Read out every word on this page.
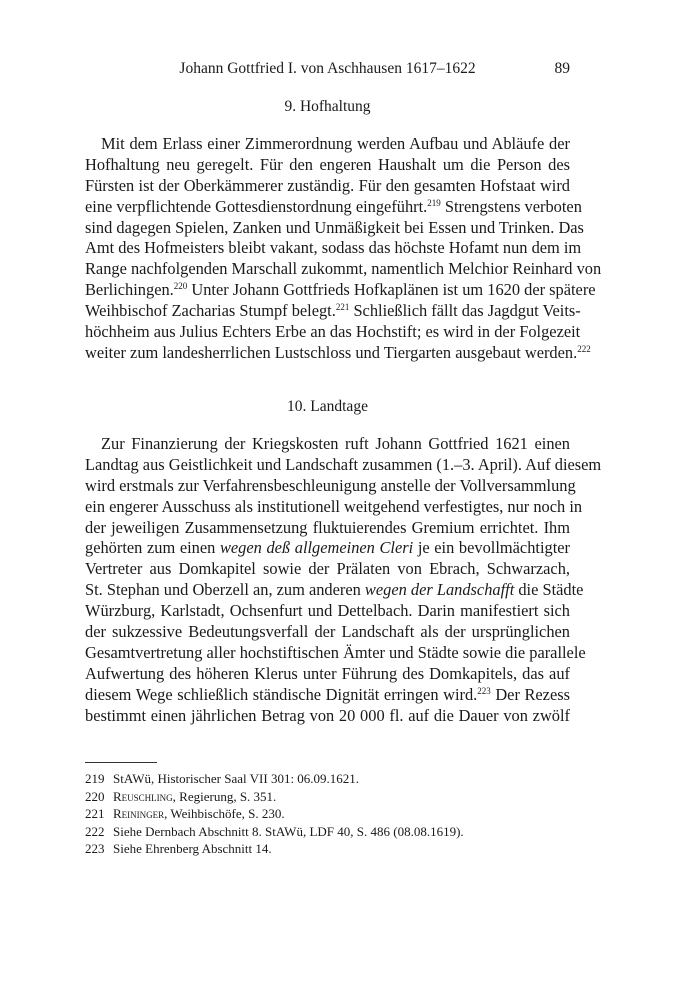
Johann Gottfried I. von Aschhausen 1617–1622	89
9. Hofhaltung
Mit dem Erlass einer Zimmerordnung werden Aufbau und Abläufe der
Hofhaltung neu geregelt. Für den engeren Haushalt um die Person des
Fürsten ist der Oberkämmerer zuständig. Für den gesamten Hofstaat wird
eine verpflichtende Gottesdienstordnung eingeführt.$^{219}$ Strengstens verboten
sind dagegen Spielen, Zanken und Unmäßigkeit bei Essen und Trinken. Das
Amt des Hofmeisters bleibt vakant, sodass das höchste Hofamt nun dem im
Range nachfolgenden Marschall zukommt, namentlich Melchior Reinhard von
Berlichingen.$^{220}$ Unter Johann Gottfrieds Hofkaplänen ist um 1620 der spätere
Weihbischof Zacharias Stumpf belegt.$^{221}$ Schließlich fällt das Jagdgut Veits-
höchheim aus Julius Echters Erbe an das Hochstift; es wird in der Folgezeit
weiter zum landesherrlichen Lustschloss und Tiergarten ausgebaut werden.$^{222}$
10. Landtage
Zur Finanzierung der Kriegskosten ruft Johann Gottfried 1621 einen
Landtag aus Geistlichkeit und Landschaft zusammen (1.–3. April). Auf diesem
wird erstmals zur Verfahrensbeschleunigung anstelle der Vollversammlung
ein engerer Ausschuss als institutionell weitgehend verfestigtes, nur noch in
der jeweiligen Zusammensetzung fluktuierendes Gremium errichtet. Ihm
gehörten zum einen wegen deß allgemeinen Cleri je ein bevollmächtigter
Vertreter aus Domkapitel sowie der Prälaten von Ebrach, Schwarzach,
St. Stephan und Oberzell an, zum anderen wegen der Landschafft die Städte
Würzburg, Karlstadt, Ochsenfurt und Dettelbach. Darin manifestiert sich
der sukzessive Bedeutungsverfall der Landschaft als der ursprünglichen
Gesamtvertretung aller hochstiftischen Ämter und Städte sowie die parallele
Aufwertung des höheren Klerus unter Führung des Domkapitels, das auf
diesem Wege schließlich ständische Dignität erringen wird.$^{223}$ Der Rezess
bestimmt einen jährlichen Betrag von 20 000 fl. auf die Dauer von zwölf
219 StAWü, Historischer Saal VII 301: 06.09.1621.
220 Reuschling, Regierung, S. 351.
221 Reininger, Weihbischöfe, S. 230.
222 Siehe Dernbach Abschnitt 8. StAWü, LDF 40, S. 486 (08.08.1619).
223 Siehe Ehrenberg Abschnitt 14.
